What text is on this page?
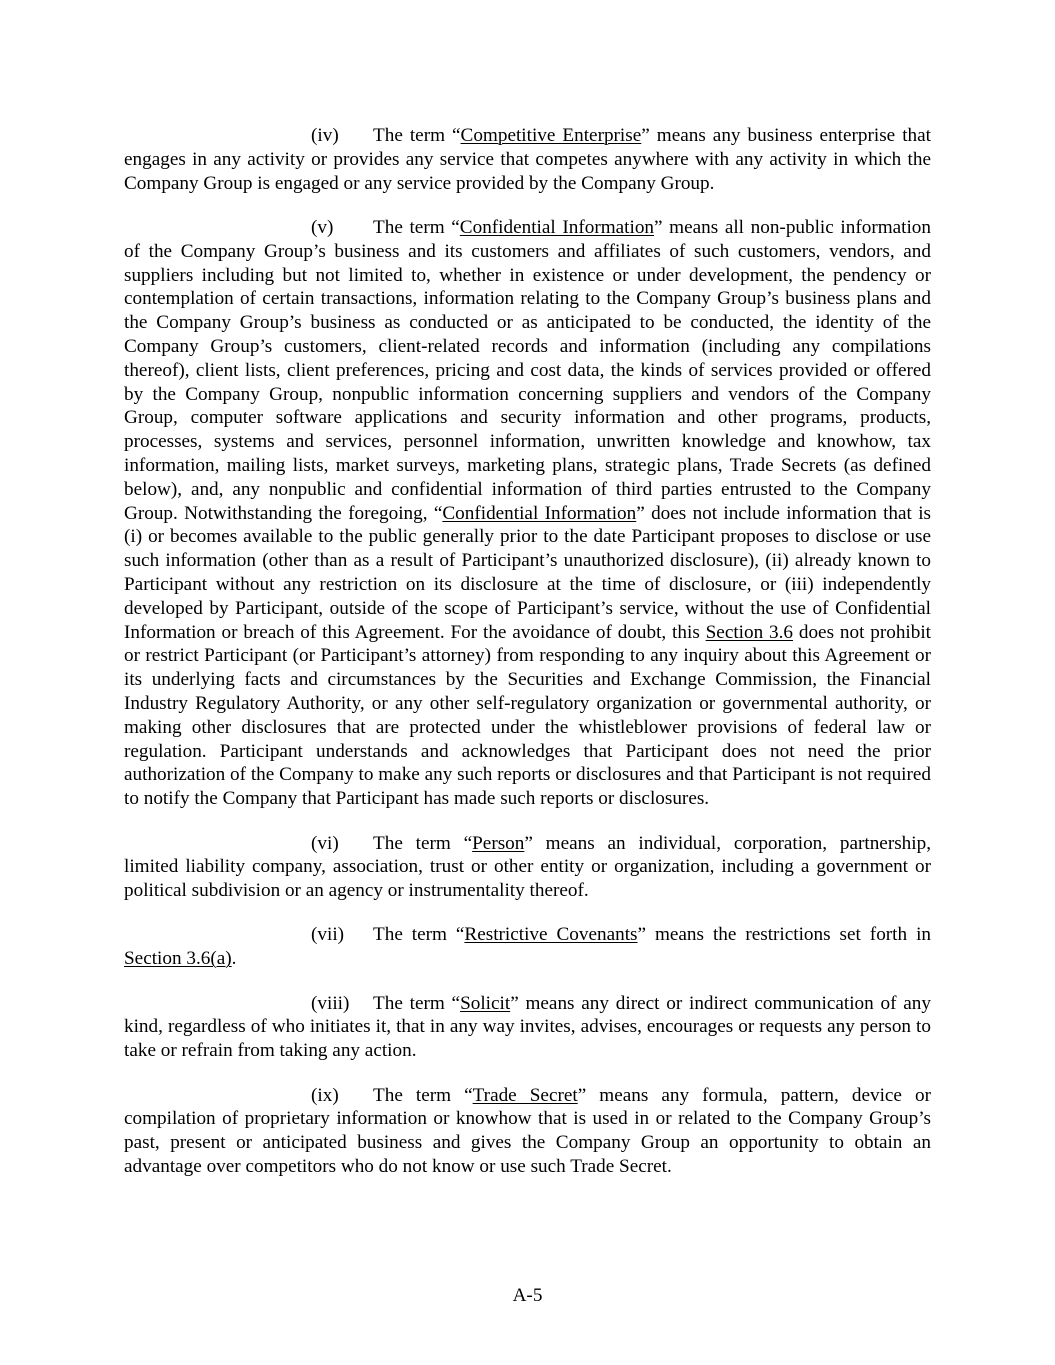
(iv) The term “Competitive Enterprise” means any business enterprise that engages in any activity or provides any service that competes anywhere with any activity in which the Company Group is engaged or any service provided by the Company Group.

(v) The term “Confidential Information” means all non-public information of the Company Group’s business and its customers and affiliates of such customers, vendors, and suppliers including but not limited to, whether in existence or under development, the pendency or contemplation of certain transactions, information relating to the Company Group’s business plans and the Company Group’s business as conducted or as anticipated to be conducted, the identity of the Company Group’s customers, client-related records and information (including any compilations thereof), client lists, client preferences, pricing and cost data, the kinds of services provided or offered by the Company Group, nonpublic information concerning suppliers and vendors of the Company Group, computer software applications and security information and other programs, products, processes, systems and services, personnel information, unwritten knowledge and knowhow, tax information, mailing lists, market surveys, marketing plans, strategic plans, Trade Secrets (as defined below), and, any nonpublic and confidential information of third parties entrusted to the Company Group. Notwithstanding the foregoing, “Confidential Information” does not include information that is (i) or becomes available to the public generally prior to the date Participant proposes to disclose or use such information (other than as a result of Participant’s unauthorized disclosure), (ii) already known to Participant without any restriction on its disclosure at the time of disclosure, or (iii) independently developed by Participant, outside of the scope of Participant’s service, without the use of Confidential Information or breach of this Agreement. For the avoidance of doubt, this Section 3.6 does not prohibit or restrict Participant (or Participant’s attorney) from responding to any inquiry about this Agreement or its underlying facts and circumstances by the Securities and Exchange Commission, the Financial Industry Regulatory Authority, or any other self-regulatory organization or governmental authority, or making other disclosures that are protected under the whistleblower provisions of federal law or regulation. Participant understands and acknowledges that Participant does not need the prior authorization of the Company to make any such reports or disclosures and that Participant is not required to notify the Company that Participant has made such reports or disclosures.

(vi) The term “Person” means an individual, corporation, partnership, limited liability company, association, trust or other entity or organization, including a government or political subdivision or an agency or instrumentality thereof.

(vii) The term “Restrictive Covenants” means the restrictions set forth in Section 3.6(a).

(viii) The term “Solicit” means any direct or indirect communication of any kind, regardless of who initiates it, that in any way invites, advises, encourages or requests any person to take or refrain from taking any action.

(ix) The term “Trade Secret” means any formula, pattern, device or compilation of proprietary information or knowhow that is used in or related to the Company Group’s past, present or anticipated business and gives the Company Group an opportunity to obtain an advantage over competitors who do not know or use such Trade Secret.

A-5
